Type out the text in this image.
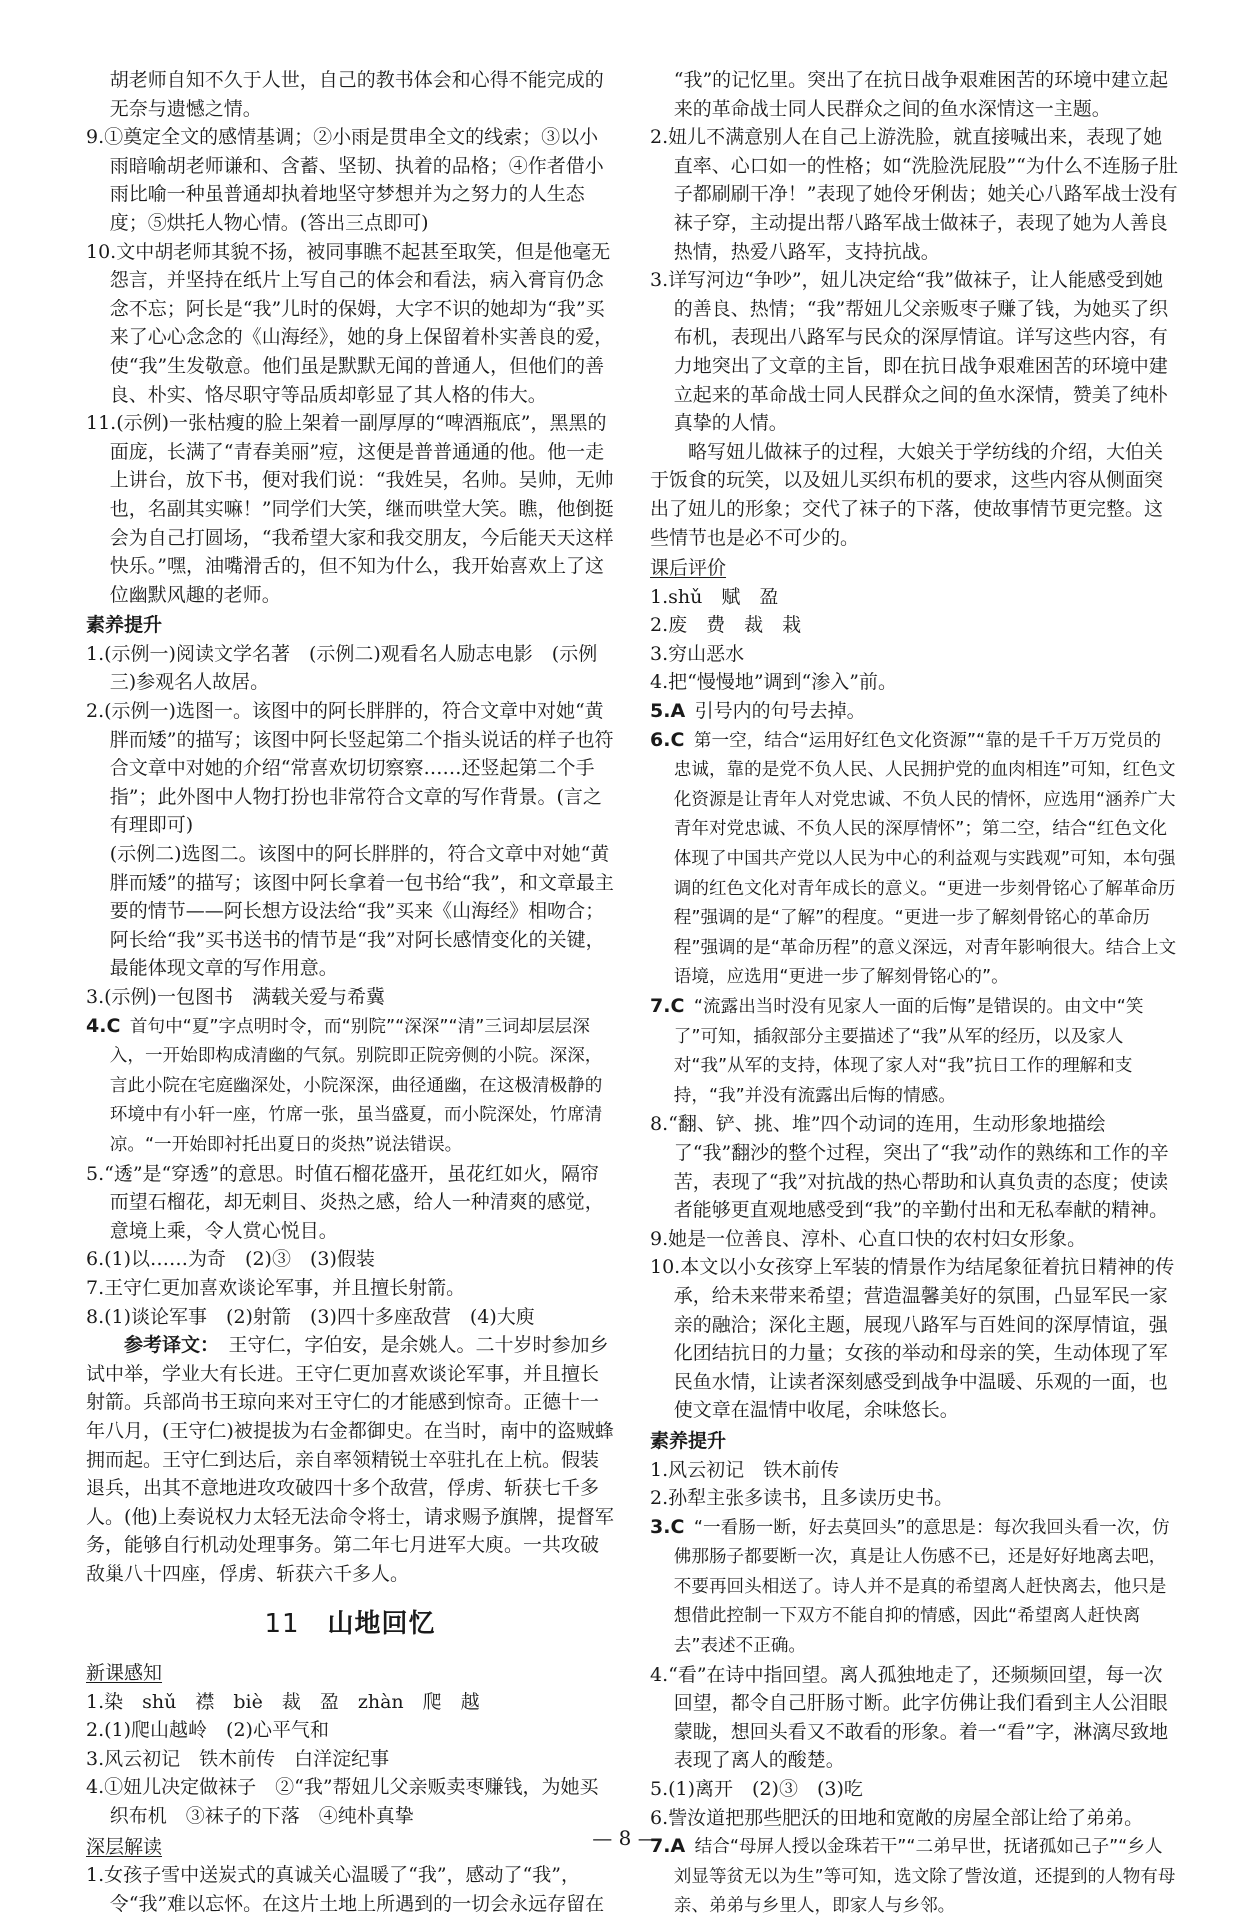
胡老师自知不久于人世，自己的教书体会和心得不能完成的无奈与遗憾之情。
9.①奠定全文的感情基调；②小雨是贯串全文的线索；③以小雨暗喻胡老师谦和、含蓄、坚韧、执着的品格；④作者借小雨比喻一种虽普通却执着地坚守梦想并为之努力的人生态度；⑤烘托人物心情。(答出三点即可)
10.文中胡老师其貌不扬，被同事瞧不起甚至取笑，但是他毫无怨言，并坚持在纸片上写自己的体会和看法，病入膏肓仍念念不忘；阿长是“我”儿时的保姆，大字不识的她却为“我”买来了心心念念的《山海经》，她的身上保留着朴实善良的爱，使“我”生发敬意。他们虽是默默无闻的普通人，但他们的善良、朴实、恪尽职守等品质却彰显了其人格的伟大。
11.(示例)一张枯瘦的脸上架着一副厚厚的“啤酒瓶底”，黑黑的面庞，长满了“青春美丽”痘，这便是普普通通的他。他一走上讲台，放下书，便对我们说：“我姓吴，名帅。吴帅，无帅也，名副其实嘛！”同学们大笑，继而哄堂大笑。瞧，他倒挺会为自己打圆场，“我希望大家和我交朋友，今后能天天这样快乐。”嘿，油嘴滑舌的，但不知为什么，我开始喜欢上了这位幽默风趣的老师。
素养提升
1.(示例一)阅读文学名著　(示例二)观看名人励志电影　(示例三)参观名人故居。
2.(示例一)选图一。该图中的阿长胖胖的，符合文章中对她“黄胖而矮”的描写；该图中阿长竖起第二个指头说话的样子也符合文章中对她的介绍“常喜欢切切察察……还竖起第二个手指”；此外图中人物打扮也非常符合文章的写作背景。(言之有理即可)
(示例二)选图二。该图中的阿长胖胖的，符合文章中对她“黄胖而矮”的描写；该图中阿长拿着一包书给“我”，和文章最主要的情节——阿长想方设法给“我”买来《山海经》相吻合；阿长给“我”买书送书的情节是“我”对阿长感情变化的关键，最能体现文章的写作用意。
3.(示例)一包图书　满载关爱与希冀
4.C  首句中“夏”字点明时令，而“别院”“深深”“清”三词却层层深入，一开始即构成清幽的气氛。别院即正院旁侧的小院。深深，言此小院在宅庭幽深处，小院深深，曲径通幽，在这极清极静的环境中有小轩一座，竹席一张，虽当盛夏，而小院深处，竹席清凉。“一开始即衬托出夏日的炎热”说法错误。
5.“透”是“穿透”的意思。时值石榴花盛开，虽花红如火，隔帘而望石榴花，却无刺目、炎热之感，给人一种清爽的感觉，意境上乘，令人赏心悦目。
6.(1)以……为奇　(2)③　(3)假装
7.王守仁更加喜欢谈论军事，并且擅长射箭。
8.(1)谈论军事　(2)射箭　(3)四十多座敌营　(4)大庾
参考译文：  王守仁，字伯安，是余姚人。二十岁时参加乡试中举，学业大有长进。王守仁更加喜欢谈论军事，并且擅长射箭。兵部尚书王琼向来对王守仁的才能感到惊奇。正德十一年八月，(王守仁)被提拔为右金都御史。在当时，南中的盗贼蜂拥而起。王守仁到达后，亲自率领精锐士卒驻扎在上杭。假装退兵，出其不意地进攻攻破四十多个敌营，俘虏、斩获七千多人。(他)上奏说权力太轻无法命令将士，请求赐予旗牌，提督军务，能够自行机动处理事务。第二年七月进军大庾。一共攻破敌巢八十四座，俘虏、斩获六千多人。
11 山地回忆
新课感知
1.染　shǔ　襟　biè　裁　盈　zhàn　爬　越
2.(1)爬山越岭　(2)心平气和
3.风云初记　铁木前传　白洋淀纪事
4.①妞儿决定做袜子　②“我”帮妞儿父亲贩卖枣赚钱，为她买织布机　③袜子的下落　④纯朴真挚
深层解读
1.女孩子雪中送炭式的真诚关心温暖了“我”，感动了“我”，令“我”难以忘怀。在这片土地上所遇到的一切会永远存留在
“我”的记忆里。突出了在抗日战争艰难困苦的环境中建立起来的革命战士同人民群众之间的鱼水深情这一主题。
2.妞儿不满意别人在自己上游洗脸，就直接喊出来，表现了她直率、心口如一的性格；如“洗脸洗屁股”“为什么不连肠子肚子都刷刷干净！”表现了她伶牙俐齿；她关心八路军战士没有袜子穿，主动提出帮八路军战士做袜子，表现了她为人善良热情，热爱八路军，支持抗战。
3.详写河边“争吵”，妞儿决定给“我”做袜子，让人能感受到她的善良、热情；“我”帮妞儿父亲贩枣子赚了钱，为她买了织布机，表现出八路军与民众的深厚情谊。详写这些内容，有力地突出了文章的主旨，即在抗日战争艰难困苦的环境中建立起来的革命战士同人民群众之间的鱼水深情，赞美了纯朴真挚的人情。
略写妞儿做袜子的过程，大娘关于学纺线的介绍，大伯关于饭食的玩笑，以及妞儿买织布机的要求，这些内容从侧面突出了妞儿的形象；交代了袜子的下落，使故事情节更完整。这些情节也是必不可少的。
课后评价
1.shǔ　赋　盈
2.废　费　裁　栽
3.穷山恶水
4.把“慢慢地”调到“渗入”前。
5.A  引号内的句号去掉。
6.C  第一空，结合“运用好红色文化资源”“靠的是千千万万党员的忠诚，靠的是党不负人民、人民拥护党的血肉相连”可知，红色文化资源是让青年人对党忠诚、不负人民的情怀，应选用“涵养广大青年对党忠诚、不负人民的深厚情怀”；第二空，结合“红色文化体现了中国共产党以人民为中心的利益观与实践观”可知，本句强调的红色文化对青年成长的意义。“更进一步刻骨铭心了解革命历程”强调的是“了解”的程度。“更进一步了解刻骨铭心的革命历程”强调的是“革命历程”的意义深远，对青年影响很大。结合上文语境，应选用“更进一步了解刻骨铭心的”。
7.C  “流露出当时没有见家人一面的后悔”是错误的。由文中“笑了”可知，插叙部分主要描述了“我”从军的经历，以及家人对“我”从军的支持，体现了家人对“我”抗日工作的理解和支持，“我”并没有流露出后悔的情感。
8.“翻、铲、挑、堆”四个动词的连用，生动形象地描绘了“我”翻沙的整个过程，突出了“我”动作的熟练和工作的辛苦，表现了“我”对抗战的热心帮助和认真负责的态度；使读者能够更直观地感受到“我”的辛勤付出和无私奉献的精神。
9.她是一位善良、淳朴、心直口快的农村妇女形象。
10.本文以小女孩穿上军装的情景作为结尾象征着抗日精神的传承，给未来带来希望；营造温馨美好的氛围，凸显军民一家亲的融洽；深化主题，展现八路军与百姓间的深厚情谊，强化团结抗日的力量；女孩的举动和母亲的笑，生动体现了军民鱼水情，让读者深刻感受到战争中温暖、乐观的一面，也使文章在温情中收尾，余味悠长。
素养提升
1.风云初记　铁木前传
2.孙犁主张多读书，且多读历史书。
3.C  “一看肠一断，好去莫回头”的意思是：每次我回头看一次，仿佛那肠子都要断一次，真是让人伤感不已，还是好好地离去吧，不要再回头相送了。诗人并不是真的希望离人赶快离去，他只是想借此控制一下双方不能自抑的情感，因此“希望离人赶快离去”表述不正确。
4.“看”在诗中指回望。离人孤独地走了，还频频回望，每一次回望，都令自己肝肠寸断。此字仿佛让我们看到主人公泪眼蒙眬，想回头看又不敢看的形象。着一“看”字，淋漓尽致地表现了离人的酸楚。
5.(1)离开　(2)③　(3)吃
6.訾汝道把那些肥沃的田地和宽敞的房屋全部让给了弟弟。
7.A  结合“母屏人授以金珠若干”“二弟早世，抚诸孤如己子”“乡人刘显等贫无以为生”等可知，选文除了訾汝道，还提到的人物有母亲、弟弟与乡里人，即家人与乡邻。
— 8 —
